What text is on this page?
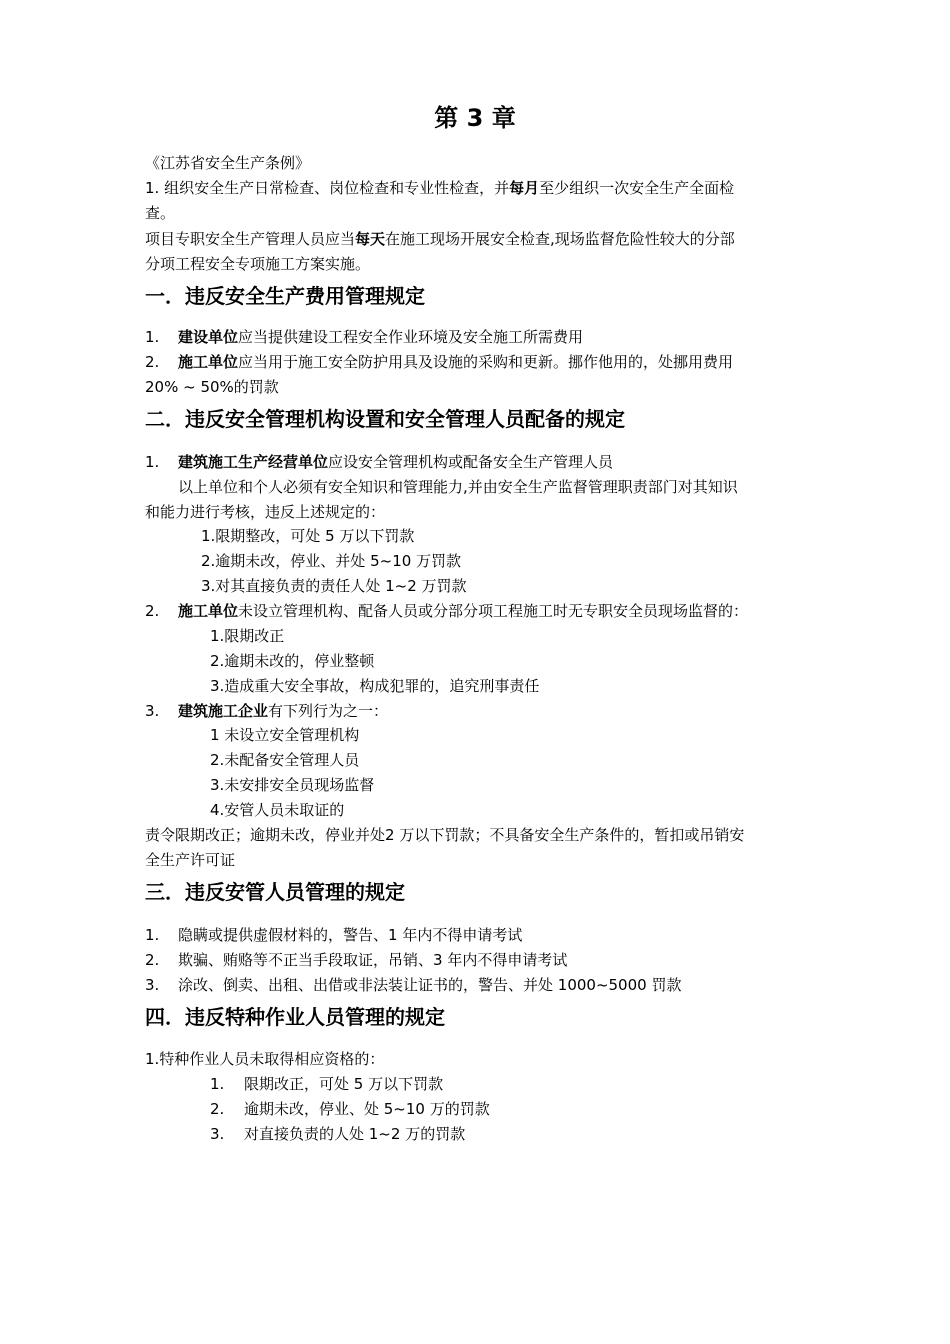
第 3 章
《江苏省安全生产条例》
1. 组织安全生产日常检查、岗位检查和专业性检查，并每月至少组织一次安全生产全面检
查。
项目专职安全生产管理人员应当每天在施工现场开展安全检查,现场监督危险性较大的分部
分项工程安全专项施工方案实施。
一．违反安全生产费用管理规定
1. 建设单位应当提供建设工程安全作业环境及安全施工所需费用
2. 施工单位应当用于施工安全防护用具及设施的采购和更新。挪作他用的，处挪用费用
20% ~ 50%的罚款
二．违反安全管理机构设置和安全管理人员配备的规定
1. 建筑施工生产经营单位应设安全管理机构或配备安全生产管理人员
以上单位和个人必须有安全知识和管理能力,并由安全生产监督管理职责部门对其知识
和能力进行考核，违反上述规定的：
1.限期整改，可处 5 万以下罚款
2.逾期未改，停业、并处 5~10 万罚款
3.对其直接负责的责任人处 1~2 万罚款
2. 施工单位未设立管理机构、配备人员或分部分项工程施工时无专职安全员现场监督的：
1.限期改正
2.逾期未改的，停业整顿
3.造成重大安全事故，构成犯罪的，追究刑事责任
3. 建筑施工企业有下列行为之一：
1 未设立安全管理机构
2.未配备安全管理人员
3.未安排安全员现场监督
4.安管人员未取证的
责令限期改正；逾期未改，停业并处2 万以下罚款；不具备安全生产条件的，暂扣或吊销安
全生产许可证
三．违反安管人员管理的规定
1. 隐瞒或提供虚假材料的，警告、1 年内不得申请考试
2. 欺骗、贿赂等不正当手段取证，吊销、3 年内不得申请考试
3. 涂改、倒卖、出租、出借或非法装让证书的，警告、并处 1000~5000 罚款
四．违反特种作业人员管理的规定
1.特种作业人员未取得相应资格的：
1. 限期改正，可处 5 万以下罚款
2. 逾期未改，停业、处 5~10 万的罚款
3. 对直接负责的人处 1~2 万的罚款
